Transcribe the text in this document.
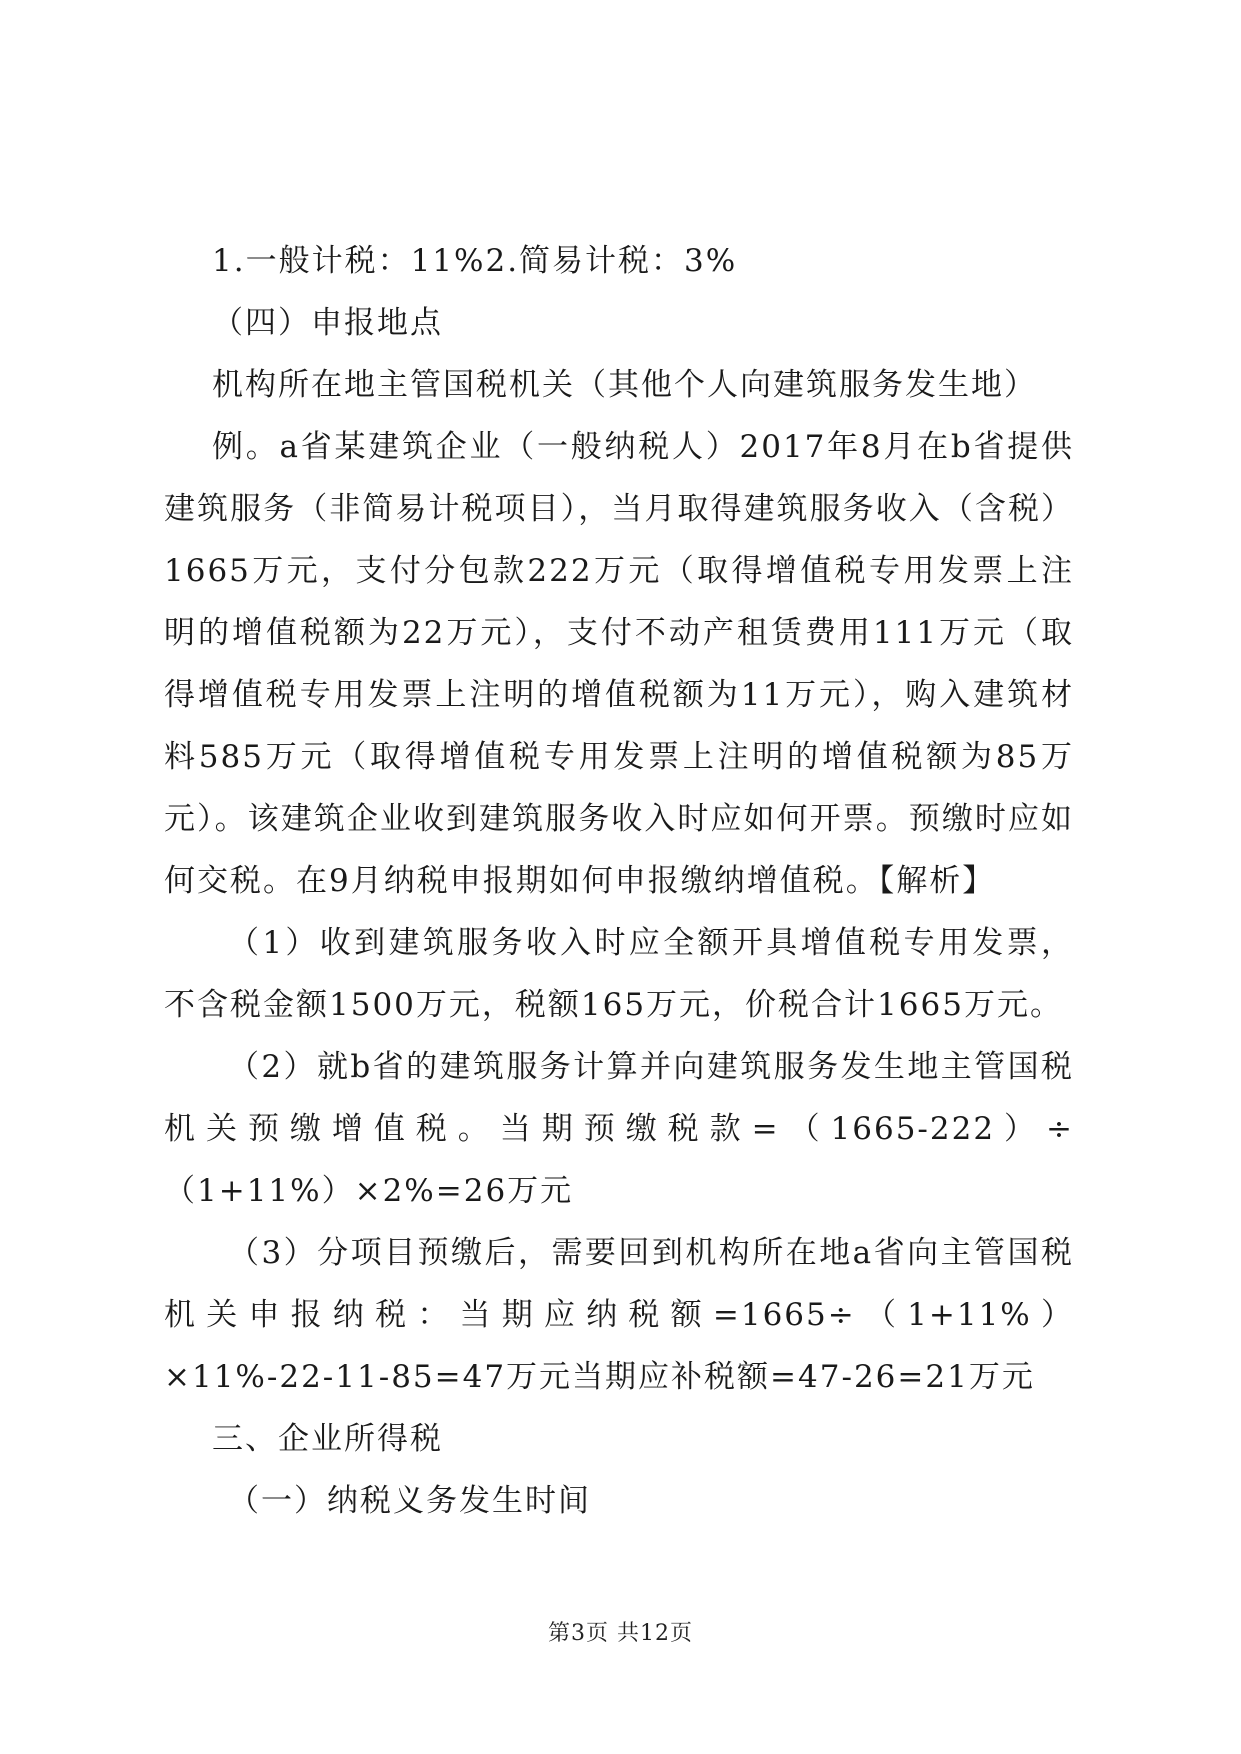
1.一般计税：11%2.简易计税：3%

（四）申报地点

机构所在地主管国税机关（其他个人向建筑服务发生地）

例。a省某建筑企业（一般纳税人）2017年8月在b省提供建筑服务（非简易计税项目），当月取得建筑服务收入（含税）1665万元，支付分包款222万元（取得增值税专用发票上注明的增值税额为22万元），支付不动产租赁费用111万元（取得增值税专用发票上注明的增值税额为11万元），购入建筑材料585万元（取得增值税专用发票上注明的增值税额为85万元）。该建筑企业收到建筑服务收入时应如何开票。预缴时应如何交税。在9月纳税申报期如何申报缴纳增值税。【解析】

（1）收到建筑服务收入时应全额开具增值税专用发票，不含税金额1500万元，税额165万元，价税合计1665万元。

（2）就b省的建筑服务计算并向建筑服务发生地主管国税机关预缴增值税。当期预缴税款=（1665-222）÷（1+11%）×2%=26万元

（3）分项目预缴后，需要回到机构所在地a省向主管国税机关申报纳税：当期应纳税额=1665÷（1+11%）×11%-22-11-85=47万元当期应补税额=47-26=21万元

三、企业所得税

（一）纳税义务发生时间

第3页 共12页
